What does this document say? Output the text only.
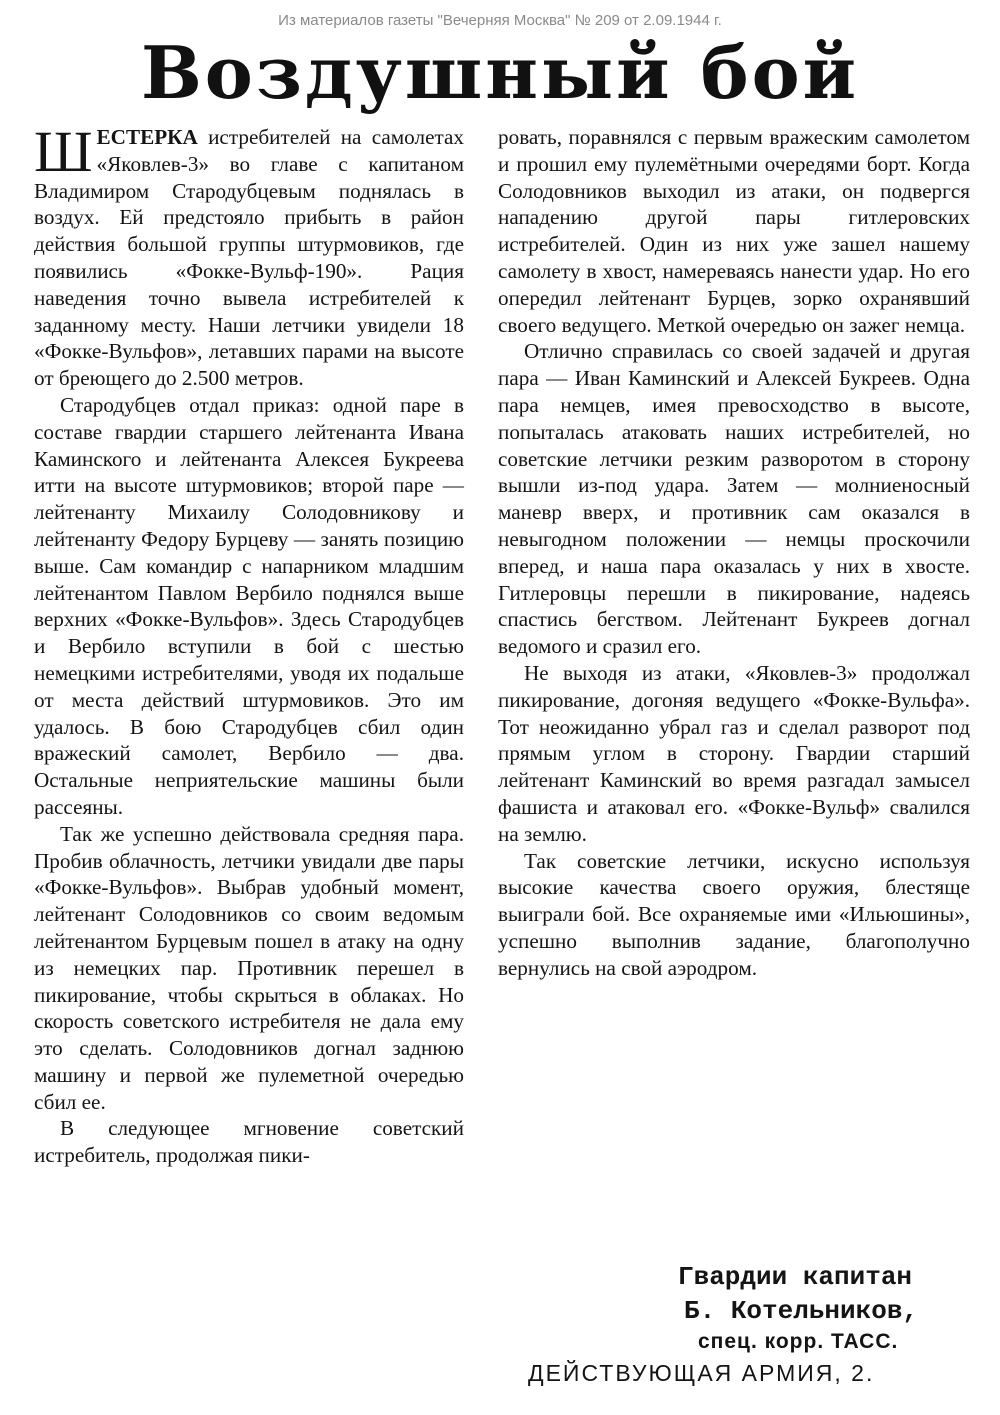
Из материалов газеты "Вечерняя Москва" № 209 от 2.09.1944 г.
Воздушный бой

ШЕСТЕРКА истребителей на самолетах «Яковлев-3» во главе с капитаном Владимиром Стародубцевым поднялась в воздух. Ей предстояло прибыть в район действия большой группы штурмовиков, где появились «Фокке-Вульф-190». Рация наведения точно вывела истребителей к заданному месту. Наши летчики увидели 18 «Фокке-Вульфов», летавших парами на высоте от бреющего до 2.500 метров.

Стародубцев отдал приказ: одной паре в составе гвардии старшего лейтенанта Ивана Каминского и лейтенанта Алексея Букреева итти на высоте штурмовиков; второй паре — лейтенанту Михаилу Солодовникову и лейтенанту Федору Бурцеву — занять позицию выше. Сам командир с напарником младшим лейтенантом Павлом Вербило поднялся выше верхних «Фокке-Вульфов». Здесь Стародубцев и Вербило вступили в бой с шестью немецкими истребителями, уводя их подальше от места действий штурмовиков. Это им удалось. В бою Стародубцев сбил один вражеский самолет, Вербило — два. Остальные неприятельские машины были рассеяны.

Так же успешно действовала средняя пара. Пробив облачность, летчики увидали две пары «Фокке-Вульфов». Выбрав удобный момент, лейтенант Солодовников со своим ведомым лейтенантом Бурцевым пошел в атаку на одну из немецких пар. Противник перешел в пикирование, чтобы скрыться в облаках. Но скорость советского истребителя не дала ему это сделать. Солодовников догнал заднюю машину и первой же пулеметной очередью сбил ее.

В следующее мгновение советский истребитель, продолжая пики-

ровать, поравнялся с первым вражеским самолетом и прошил ему пулемётными очередями борт. Когда Солодовников выходил из атаки, он подвергся нападению другой пары гитлеровских истребителей. Один из них уже зашел нашему самолету в хвост, намереваясь нанести удар. Но его опередил лейтенант Бурцев, зорко охранявший своего ведущего. Меткой очередью он зажег немца.

Отлично справилась со своей задачей и другая пара — Иван Каминский и Алексей Букреев. Одна пара немцев, имея превосходство в высоте, попыталась атаковать наших истребителей, но советские летчики резким разворотом в сторону вышли из-под удара. Затем — молниеносный маневр вверх, и противник сам оказался в невыгодном положении — немцы проскочили вперед, и наша пара оказалась у них в хвосте. Гитлеровцы перешли в пикирование, надеясь спастись бегством. Лейтенант Букреев догнал ведомого и сразил его.

Не выходя из атаки, «Яковлев-3» продолжал пикирование, догоняя ведущего «Фокке-Вульфа». Тот неожиданно убрал газ и сделал разворот под прямым углом в сторону. Гвардии старший лейтенант Каминский во время разгадал замысел фашиста и атаковал его. «Фокке-Вульф» свалился на землю.

Так советские летчики, искусно используя высокие качества своего оружия, блестяще выиграли бой. Все охраняемые ими «Ильюшины», успешно выполнив задание, благополучно вернулись на свой аэродром.

Гвардии капитан
Б. Котельников,
спец. корр. ТАСС.
ДЕЙСТВУЮЩАЯ АРМИЯ, 2.
